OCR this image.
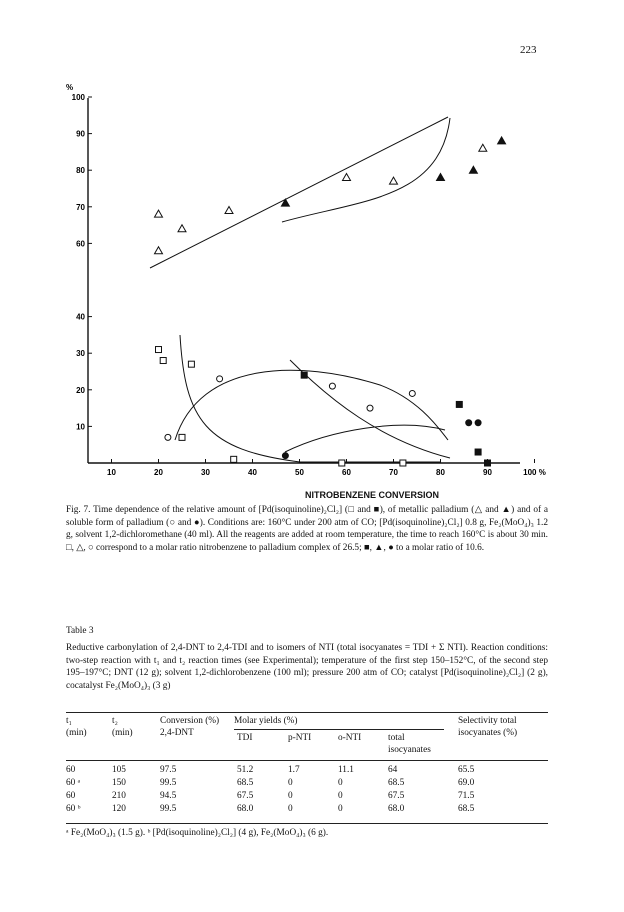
223
10	20	30	40	50	60	70	80	90	100 %
10
20
30
40
60
70
80
90
100
%
NITROBENZENE CONVERSION
Fig. 7. Time dependence of the relative amount of [Pd(isoquinoline)₂Cl₂] (□ and ■), of metallic palladium (△ and ▲) and of a soluble form of palladium (○ and ●). Conditions are: 160°C under 200 atm of CO; [Pd(isoquinoline)₂Cl₂] 0.8 g, Fe₂(MoO₄)₃ 1.2 g, solvent 1,2-dichloromethane (40 ml). All the reagents are added at room temperature, the time to reach 160°C is about 30 min. □, △, ○ correspond to a molar ratio nitrobenzene to palladium complex of 26.5; ■, ▲, ● to a molar ratio of 10.6.
Table 3
Reductive carbonylation of 2,4-DNT to 2,4-TDI and to isomers of NTI (total isocyanates = TDI + Σ NTI). Reaction conditions: two-step reaction with t₁ and t₂ reaction times (see Experimental); temperature of the first step 150–152°C, of the second step 195–197°C; DNT (12 g); solvent 1,2-dichlorobenzene (100 ml); pressure 200 atm of CO; catalyst [Pd(isoquinoline)₂Cl₂] (2 g), cocatalyst Fe₂(MoO₄)₃ (3 g)
t₁
(min)
t₂
(min)
Conversion (%)
2,4-DNT
Molar yields (%)
TDI	p-NTI	o-NTI	total
isocyanates
Selectivity total
isocyanates (%)
60	105	97.5	51.2	1.7	11.1	64	65.5
60 ᵃ	150	99.5	68.5	0	0	68.5	69.0
60	210	94.5	67.5	0	0	67.5	71.5
60 ᵇ	120	99.5	68.0	0	0	68.0	68.5
ᵃ Fe₂(MoO₄)₃ (1.5 g). ᵇ [Pd(isoquinoline)₂Cl₂] (4 g), Fe₂(MoO₄)₃ (6 g).
